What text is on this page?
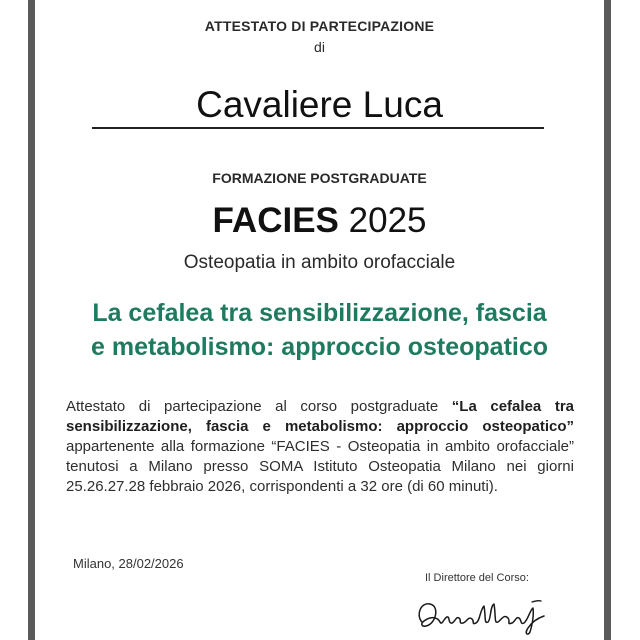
ATTESTATO DI PARTECIPAZIONE
di
Cavaliere Luca
FORMAZIONE POSTGRADUATE
FACIES 2025
Osteopatia in ambito orofacciale
La cefalea tra sensibilizzazione, fascia
e metabolismo: approccio osteopatico
Attestato di partecipazione al corso postgraduate “La cefalea tra sensibilizzazione, fascia e metabolismo: approccio osteopatico” appartenente alla formazione “FACIES - Osteopatia in ambito orofacciale” tenutosi a Milano presso SOMA Istituto Osteopatia Milano nei giorni 25.26.27.28 febbraio 2026, corrispondenti a 32 ore (di 60 minuti).
Milano, 28/02/2026
Il Direttore del Corso:
